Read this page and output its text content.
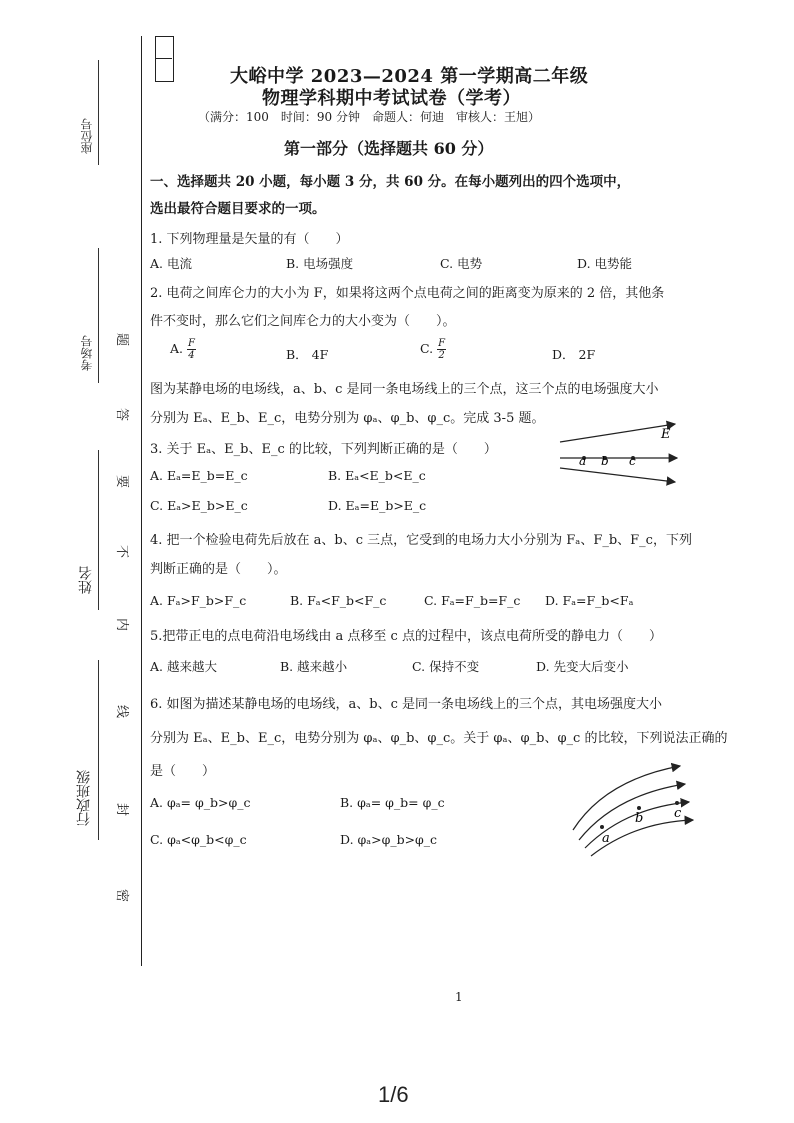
座位号
考场号
姓名
行政班级
题
答
要
不
内
线
封
密
大峪中学 2023—2024 第一学期高二年级
物理学科期中考试试卷（学考）
（满分：100　时间：90 分钟　命题人：何迪　审核人：王旭）
第一部分（选择题共 60 分）
一、选择题共 20 小题，每小题 3 分，共 60 分。在每小题列出的四个选项中，
选出最符合题目要求的一项。
1. 下列物理量是矢量的有（　　）
A. 电流	B. 电场强度	C. 电势	D. 电势能
2. 电荷之间库仑力的大小为 F，如果将这两个点电荷之间的距离变为原来的 2 倍，其他条
件不变时，那么它们之间库仑力的大小变为（　　）。
A. $\frac{F}{4}$	B． 4F	C. $\frac{F}{2}$	D． 2F
图为某静电场的电场线，a、b、c 是同一条电场线上的三个点，这三个点的电场强度大小
分别为 Eₐ、E_b、E_c，电势分别为 φₐ、φ_b、φ_c。完成 3-5 题。
3. 关于 Eₐ、E_b、E_c 的比较，下列判断正确的是（　　）
A. Eₐ=E_b=E_c	B. Eₐ<E_b<E_c
C. Eₐ>E_b>E_c	D. Eₐ=E_b>E_c
E
a b c
4. 把一个检验电荷先后放在 a、b、c 三点，它受到的电场力大小分别为 Fₐ、F_b、F_c，下列
判断正确的是（　　）。
A. Fₐ>F_b>F_c	B. Fₐ<F_b<F_c	C. Fₐ=F_b=F_c D. Fₐ=F_b<Fₐ
5.把带正电的点电荷沿电场线由 a 点移至 c 点的过程中，该点电荷所受的静电力（　　）
A. 越来越大	B. 越来越小	C. 保持不变	D. 先变大后变小
6. 如图为描述某静电场的电场线，a、b、c 是同一条电场线上的三个点，其电场强度大小
分别为 Eₐ、E_b、E_c，电势分别为 φₐ、φ_b、φ_c。关于 φₐ、φ_b、φ_c 的比较，下列说法正确的
是（　　）
A. φₐ= φ_b>φ_c	B. φₐ= φ_b= φ_c
C. φₐ<φ_b<φ_c	D. φₐ>φ_b>φ_c	a
b c
1
1/6
